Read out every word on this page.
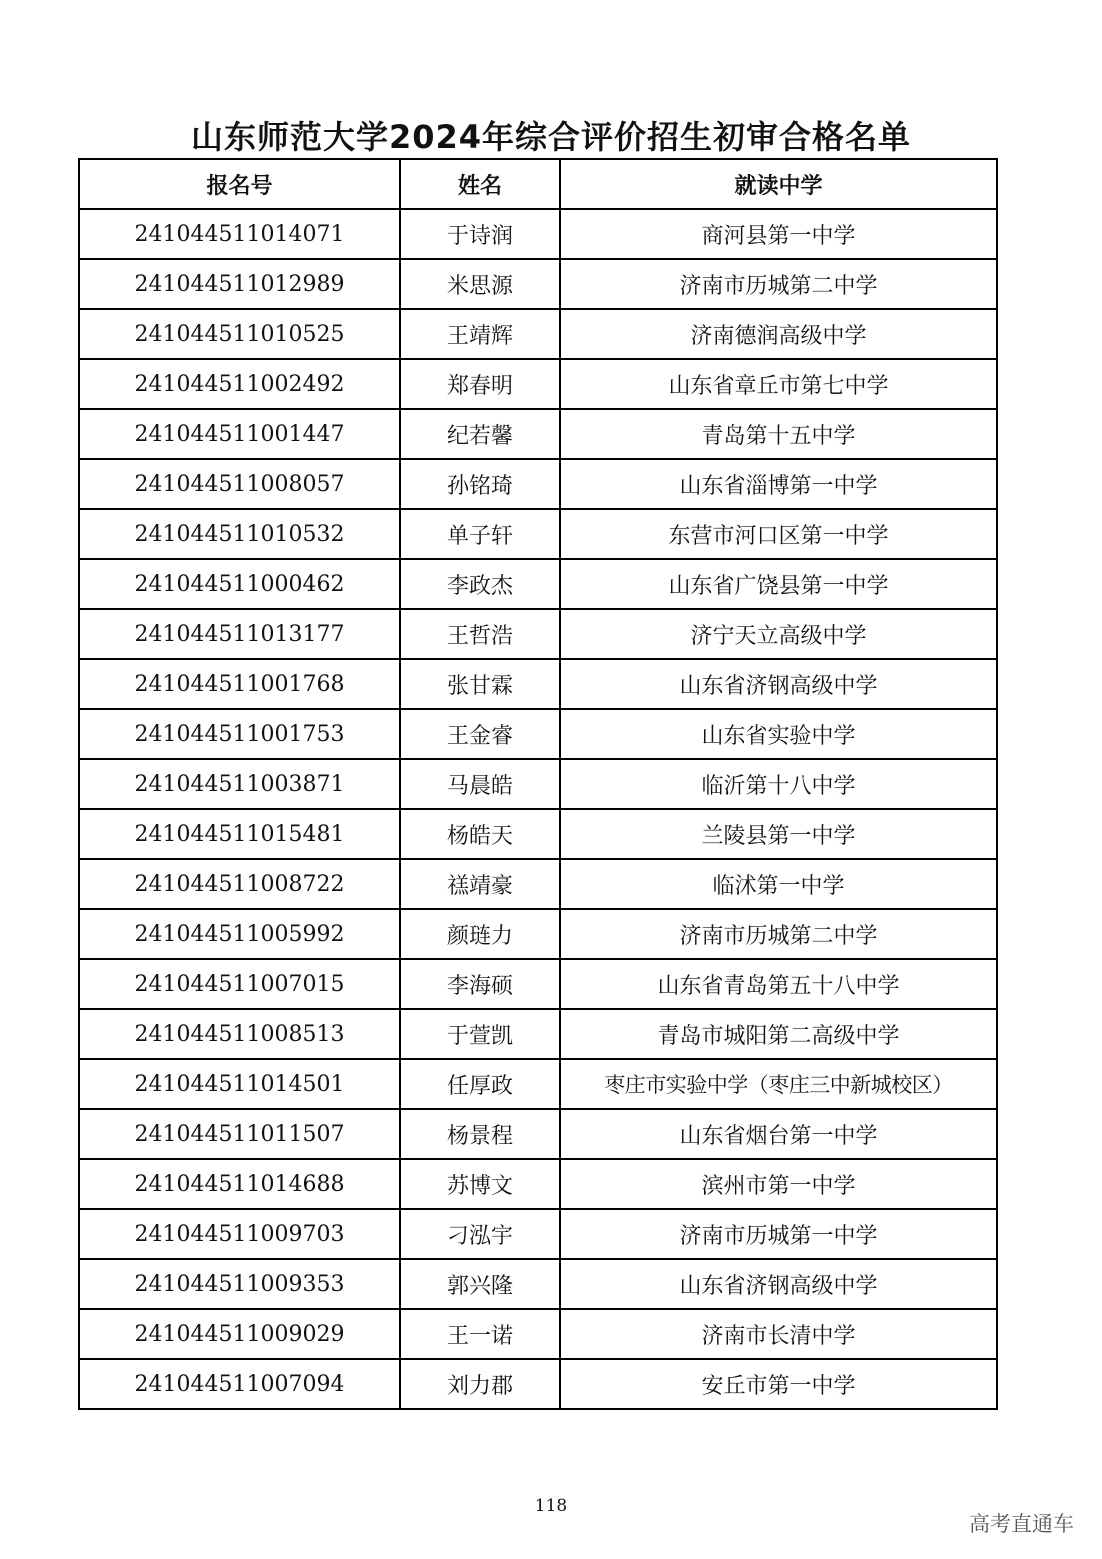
山东师范大学2024年综合评价招生初审合格名单
报名号	姓名	就读中学
241044511014071	于诗润	商河县第一中学
241044511012989	米思源	济南市历城第二中学
241044511010525	王靖辉	济南德润高级中学
241044511002492	郑春明	山东省章丘市第七中学
241044511001447	纪若馨	青岛第十五中学
241044511008057	孙铭琦	山东省淄博第一中学
241044511010532	单子轩	东营市河口区第一中学
241044511000462	李政杰	山东省广饶县第一中学
241044511013177	王哲浩	济宁天立高级中学
241044511001768	张甘霖	山东省济钢高级中学
241044511001753	王金睿	山东省实验中学
241044511003871	马晨皓	临沂第十八中学
241044511015481	杨皓天	兰陵县第一中学
241044511008722	禚靖豪	临沭第一中学
241044511005992	颜琏力	济南市历城第二中学
241044511007015	李海硕	山东省青岛第五十八中学
241044511008513	于萱凯	青岛市城阳第二高级中学
241044511014501	任厚政	枣庄市实验中学（枣庄三中新城校区）
241044511011507	杨景程	山东省烟台第一中学
241044511014688	苏博文	滨州市第一中学
241044511009703	刁泓宇	济南市历城第一中学
241044511009353	郭兴隆	山东省济钢高级中学
241044511009029	王一诺	济南市长清中学
241044511007094	刘力郡	安丘市第一中学
118
高考直通车
